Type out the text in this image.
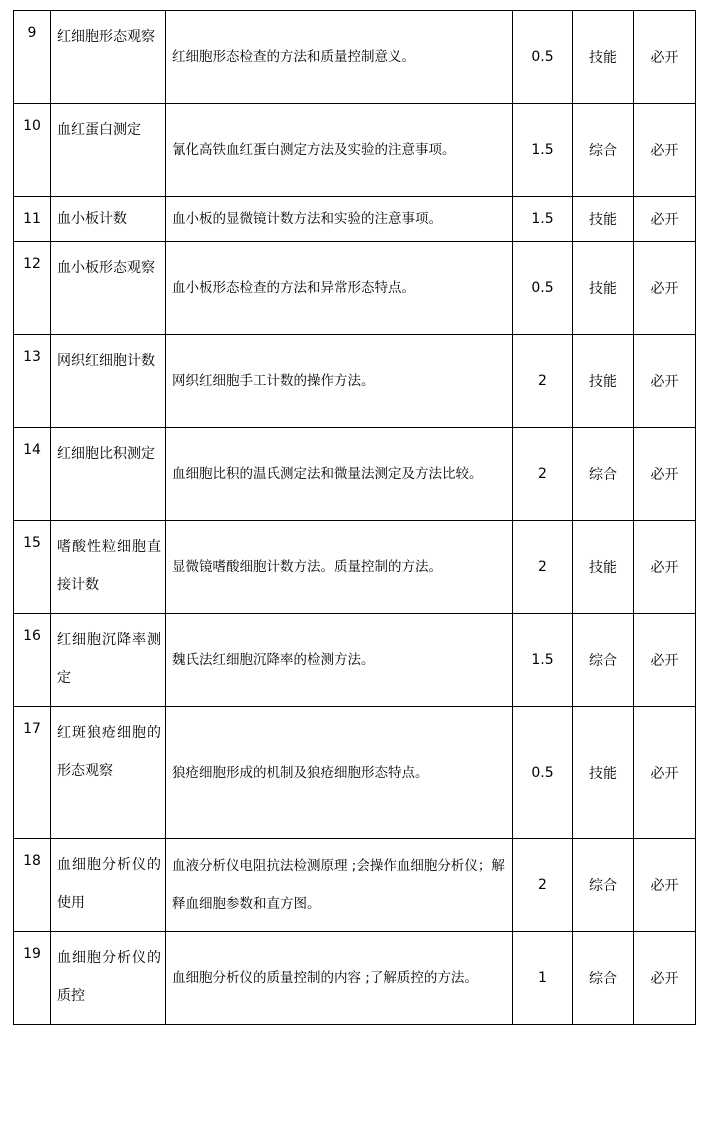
9	红细胞形态观察	红细胞形态检查的方法和质量控制意义。	0.5	技能	必开
10	血红蛋白测定	氰化高铁血红蛋白测定方法及实验的注意事项。	1.5	综合	必开
11	血小板计数	血小板的显微镜计数方法和实验的注意事项。	1.5	技能	必开
12	血小板形态观察	血小板形态检查的方法和异常形态特点。	0.5	技能	必开
13	网织红细胞计数	网织红细胞手工计数的操作方法。	2	技能	必开
14	红细胞比积测定	血细胞比积的温氏测定法和微量法测定及方法比较。	2	综合	必开
15	嗜酸性粒细胞直接计数	显微镜嗜酸细胞计数方法。质量控制的方法。	2	技能	必开
16	红细胞沉降率测定	魏氏法红细胞沉降率的检测方法。	1.5	综合	必开
17	红斑狼疮细胞的形态观察	狼疮细胞形成的机制及狼疮细胞形态特点。	0.5	技能	必开
18	血细胞分析仪的使用	血液分析仪电阻抗法检测原理 ;会操作血细胞分析仪；解释血细胞参数和直方图。	2	综合	必开
19	血细胞分析仪的质控	血细胞分析仪的质量控制的内容 ;了解质控的方法。	1	综合	必开
